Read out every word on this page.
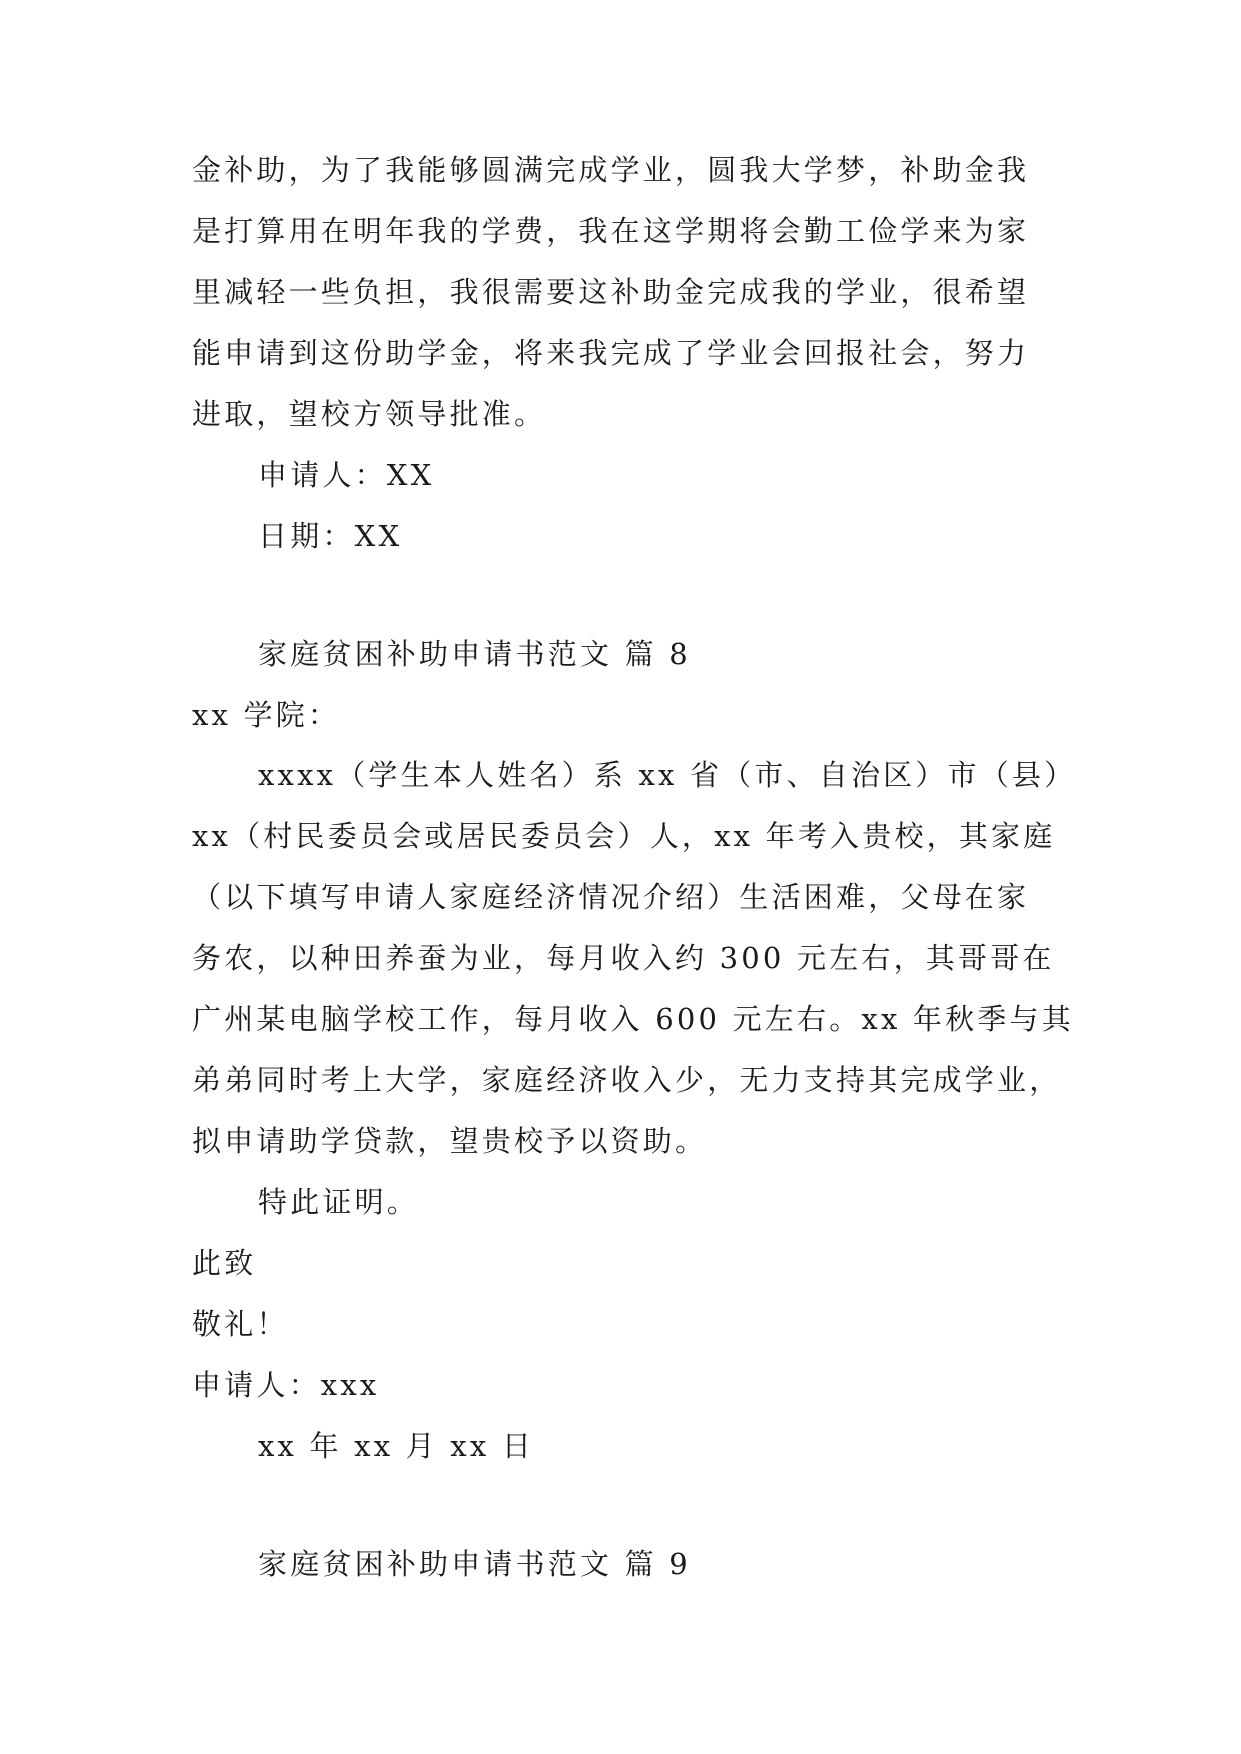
金补助，为了我能够圆满完成学业，圆我大学梦，补助金我
是打算用在明年我的学费，我在这学期将会勤工俭学来为家
里减轻一些负担，我很需要这补助金完成我的学业，很希望
能申请到这份助学金，将来我完成了学业会回报社会，努力
进取，望校方领导批准。
申请人：XX
日期：XX
家庭贫困补助申请书范文 篇 8
xx 学院：
xxxx（学生本人姓名）系 xx 省（市、自治区）市（县）
xx（村民委员会或居民委员会）人，xx 年考入贵校，其家庭
（以下填写申请人家庭经济情况介绍）生活困难，父母在家
务农，以种田养蚕为业，每月收入约 300 元左右，其哥哥在
广州某电脑学校工作，每月收入 600 元左右。xx 年秋季与其
弟弟同时考上大学，家庭经济收入少，无力支持其完成学业，
拟申请助学贷款，望贵校予以资助。
特此证明。
此致
敬礼！
申请人：xxx
xx 年 xx 月 xx 日
家庭贫困补助申请书范文 篇 9
